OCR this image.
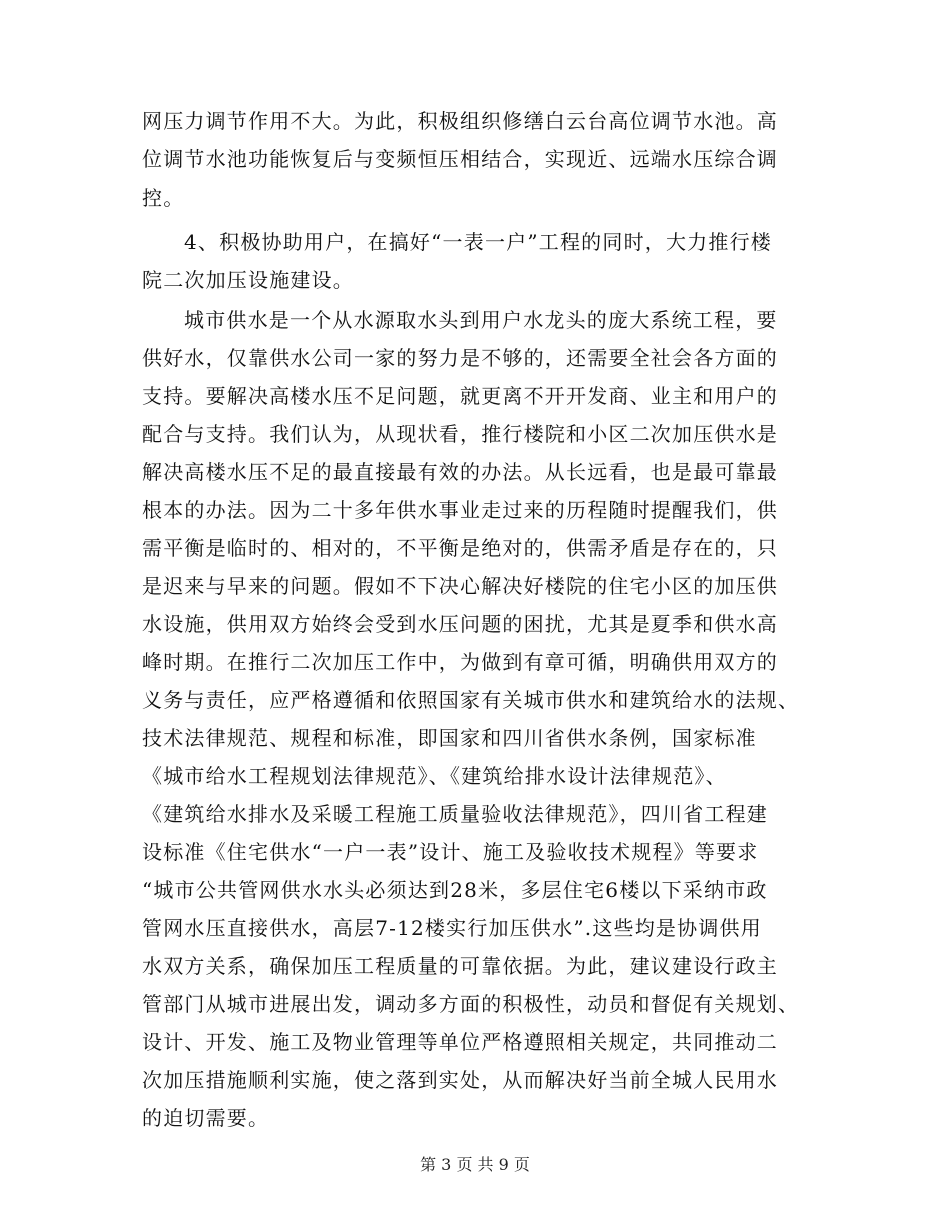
网压力调节作用不大。为此，积极组织修缮白云台高位调节水池。高
位调节水池功能恢复后与变频恒压相结合，实现近、远端水压综合调
控。
4、积极协助用户，在搞好“一表一户”工程的同时，大力推行楼
院二次加压设施建设。
城市供水是一个从水源取水头到用户水龙头的庞大系统工程，要
供好水，仅靠供水公司一家的努力是不够的，还需要全社会各方面的
支持。要解决高楼水压不足问题，就更离不开开发商、业主和用户的
配合与支持。我们认为，从现状看，推行楼院和小区二次加压供水是
解决高楼水压不足的最直接最有效的办法。从长远看，也是最可靠最
根本的办法。因为二十多年供水事业走过来的历程随时提醒我们，供
需平衡是临时的、相对的，不平衡是绝对的，供需矛盾是存在的，只
是迟来与早来的问题。假如不下决心解决好楼院的住宅小区的加压供
水设施，供用双方始终会受到水压问题的困扰，尤其是夏季和供水高
峰时期。在推行二次加压工作中，为做到有章可循，明确供用双方的
义务与责任，应严格遵循和依照国家有关城市供水和建筑给水的法规、
技术法律规范、规程和标准，即国家和四川省供水条例，国家标准
《城市给水工程规划法律规范》、《建筑给排水设计法律规范》、
《建筑给水排水及采暖工程施工质量验收法律规范》，四川省工程建
设标准《住宅供水“一户一表”设计、施工及验收技术规程》等要求
“城市公共管网供水水头必须达到28米，多层住宅6楼以下采纳市政
管网水压直接供水，高层7-12楼实行加压供水”.这些均是协调供用
水双方关系，确保加压工程质量的可靠依据。为此，建议建设行政主
管部门从城市进展出发，调动多方面的积极性，动员和督促有关规划、
设计、开发、施工及物业管理等单位严格遵照相关规定，共同推动二
次加压措施顺利实施，使之落到实处，从而解决好当前全城人民用水
的迫切需要。
第 3 页 共 9 页
